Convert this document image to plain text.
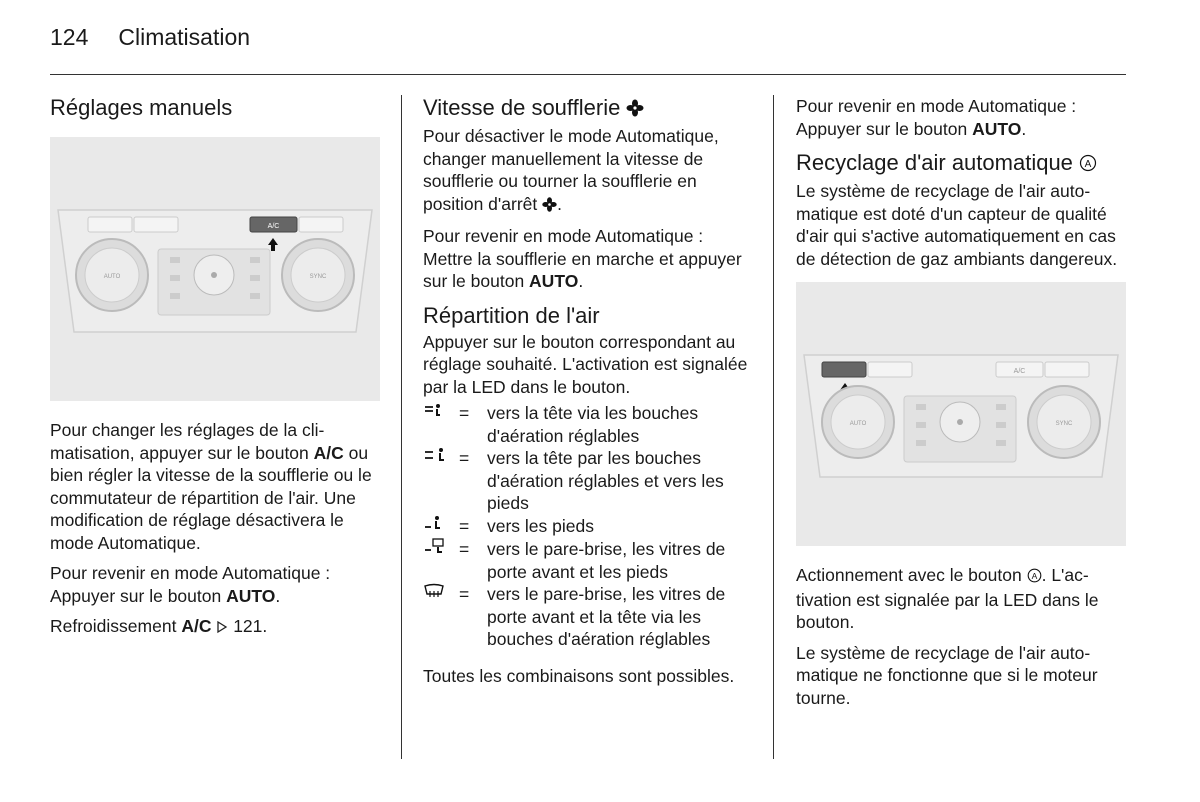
124 Climatisation
Réglages manuels
A/C
AUTO	SYNC

Pour changer les réglages de la climatisation, appuyer sur le bouton A/C ou bien régler la vitesse de la soufflerie ou le commutateur de répartition de l'air. Une modification de réglage désactivera le mode Automatique.

Pour revenir en mode Automatique : Appuyer sur le bouton AUTO.

Refroidissement A/C  121.

Vitesse de soufflerie

Pour désactiver le mode Automatique, changer manuellement la vitesse de soufflerie ou tourner la soufflerie en position d'arrêt .

Pour revenir en mode Automatique : Mettre la soufflerie en marche et appuyer sur le bouton AUTO.

Répartition de l'air

Appuyer sur le bouton correspondant au réglage souhaité. L'activation est signalée par la LED dans le bouton.

=	vers la tête via les bouches d'aération réglables
=	vers la tête par les bouches d'aération réglables et vers les pieds
=	vers les pieds
=	vers le pare-brise, les vitres de porte avant et les pieds
=	vers le pare-brise, les vitres de porte avant et la tête via les bouches d'aération réglables

Toutes les combinaisons sont possibles.

Pour revenir en mode Automatique : Appuyer sur le bouton AUTO.

Recyclage d'air automatique A

Le système de recyclage de l'air automatique est doté d'un capteur de qualité d'air qui s'active automatiquement en cas de détection de gaz ambiants dangereux.

A/C
AUTO	SYNC

Actionnement avec le bouton A . L'activation est signalée par la LED dans le bouton.

Le système de recyclage de l'air automatique ne fonctionne que si le moteur tourne.
